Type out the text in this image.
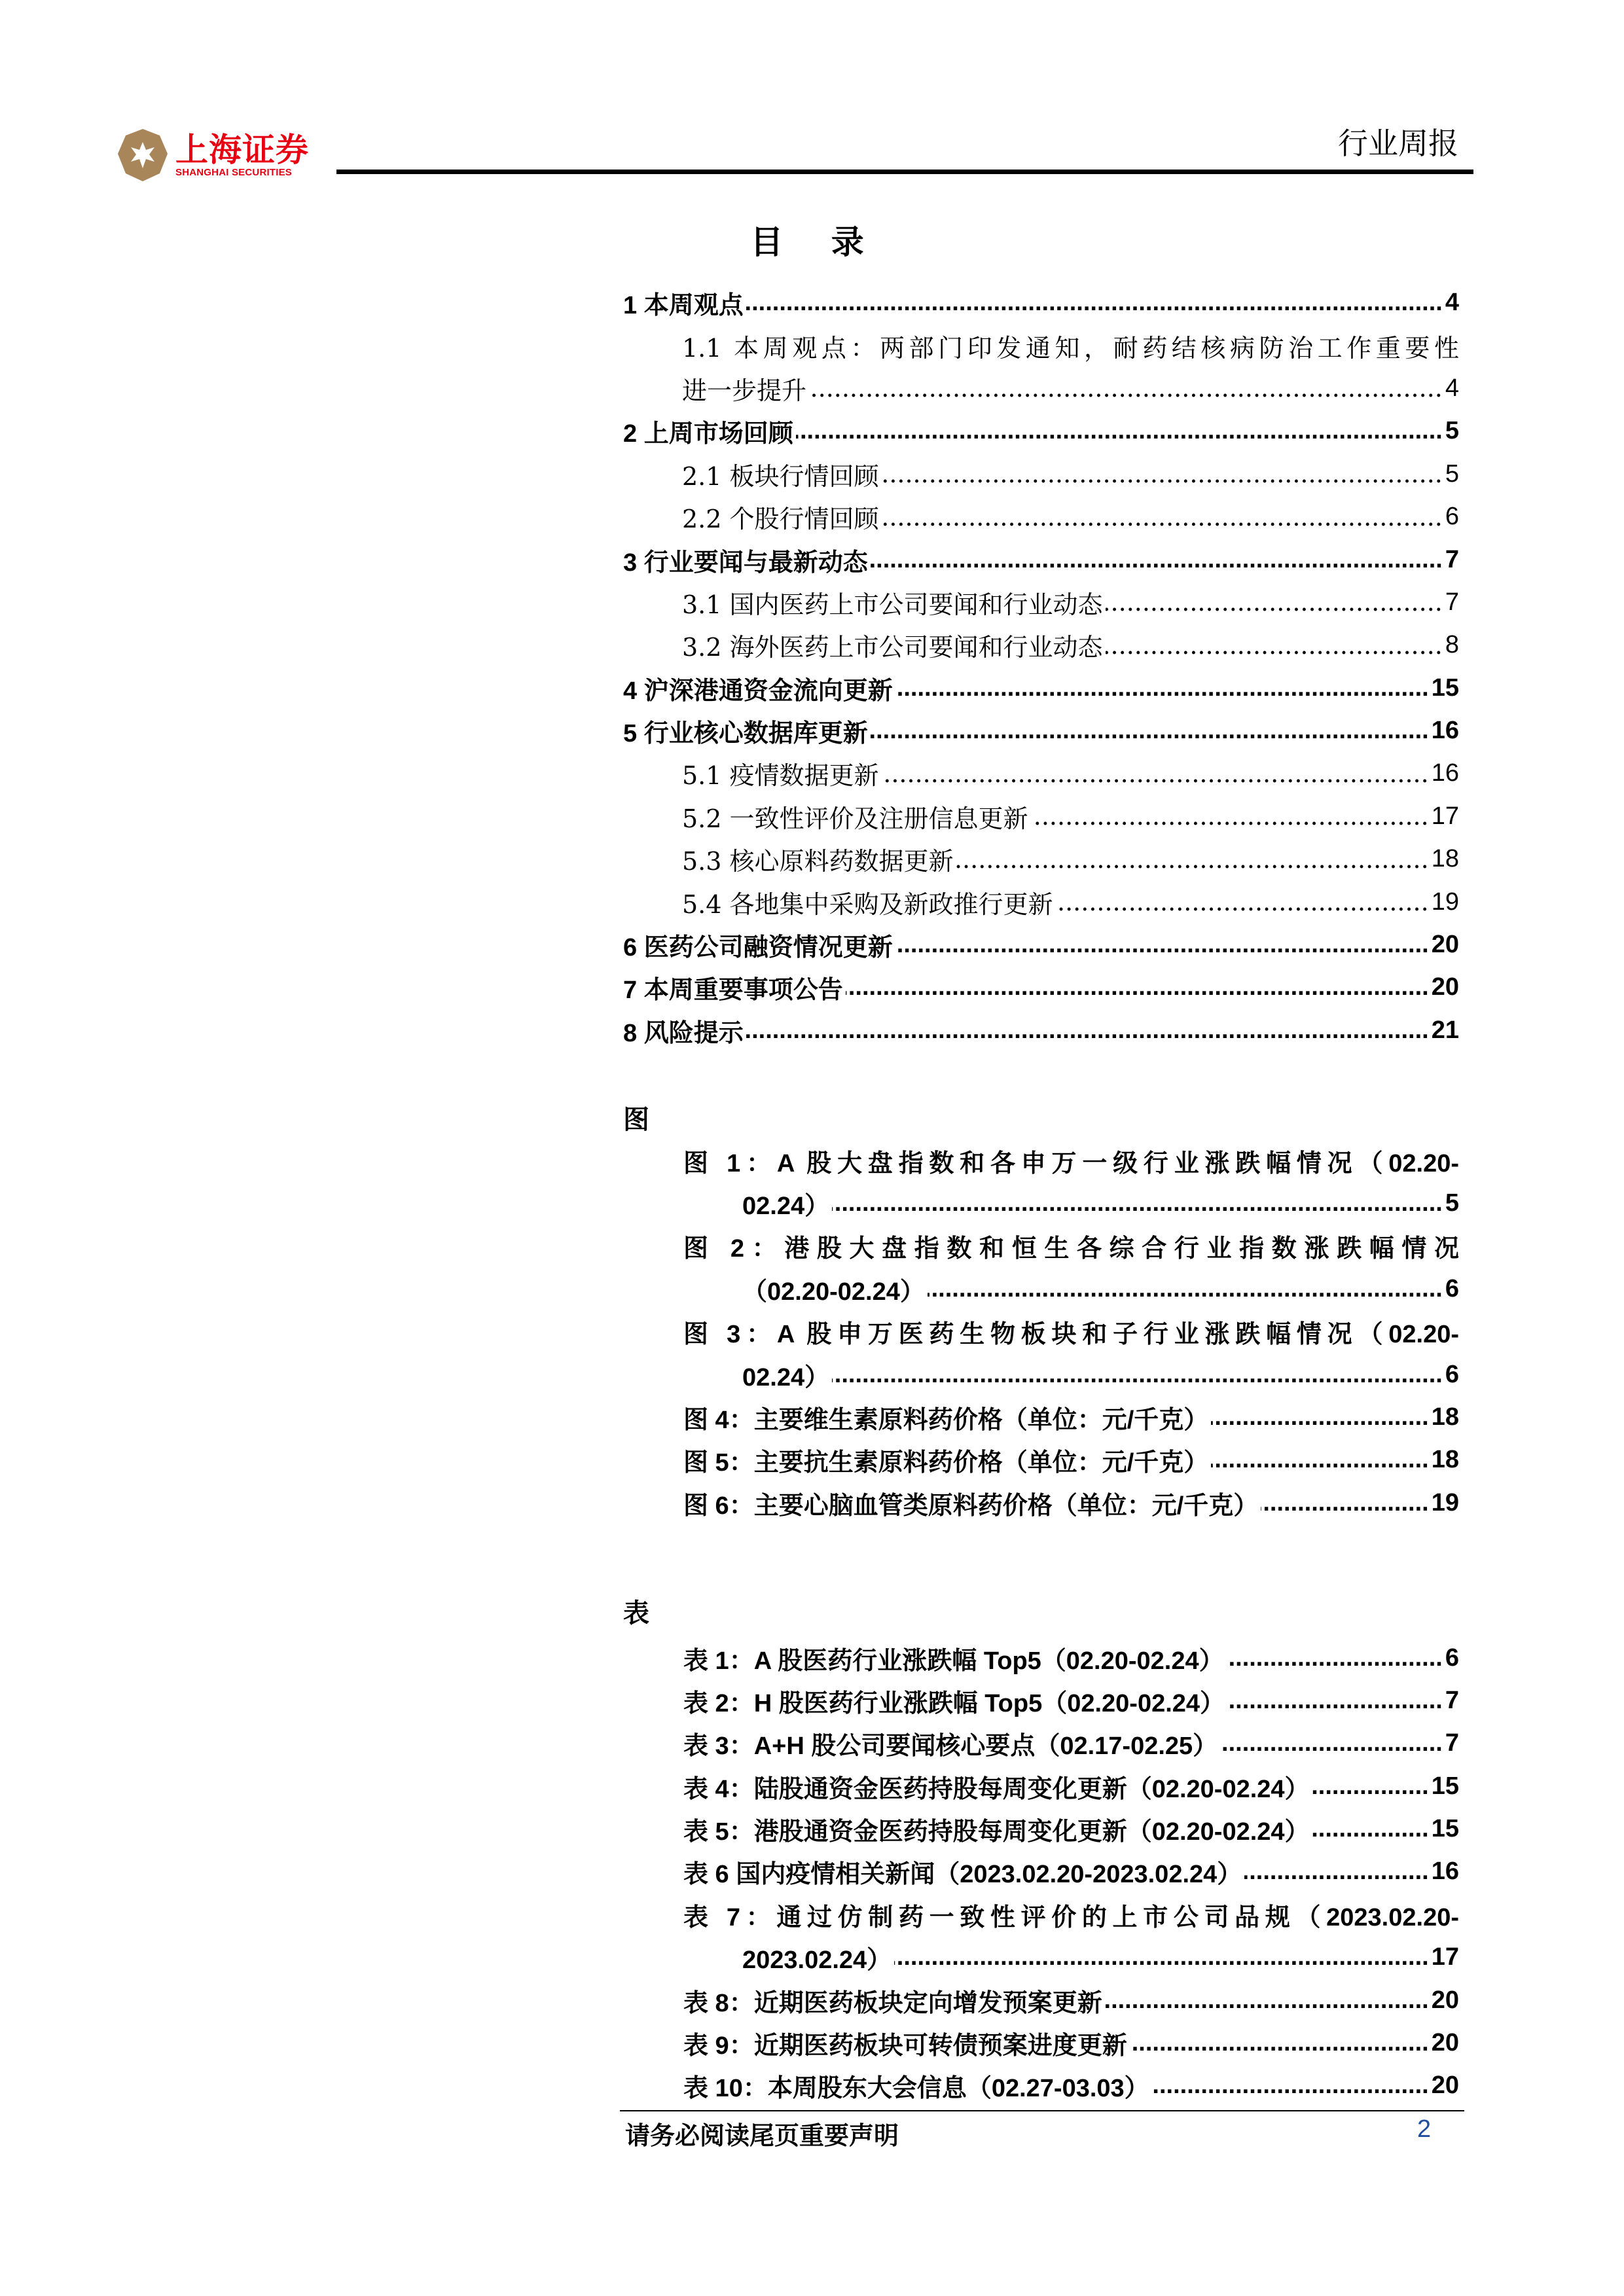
上海证券
SHANGHAI SECURITIES
行业周报
目 录
1 本周观点 .....	4
1.1 本周观点：两部门印发通知，耐药结核病防治工作重要性
进一步提升 .....	4
2 上周市场回顾 .....	5
2.1 板块行情回顾 .....	5
2.2 个股行情回顾 .....	6
3 行业要闻与最新动态 .....	7
3.1 国内医药上市公司要闻和行业动态 .....	7
3.2 海外医药上市公司要闻和行业动态 .....	8
4 沪深港通资金流向更新 .....	15
5 行业核心数据库更新 .....	16
5.1 疫情数据更新 .....	16
5.2 一致性评价及注册信息更新 .....	17
5.3 核心原料药数据更新 .....	18
5.4 各地集中采购及新政推行更新 .....	19
6 医药公司融资情况更新 .....	20
7 本周重要事项公告 .....	20
8 风险提示 .....	21
图
图 1：A 股大盘指数和各申万一级行业涨跌幅情况（02.20-
02.24） .....	5
图 2：港股大盘指数和恒生各综合行业指数涨跌幅情况
（02.20-02.24） .....	6
图 3：A 股申万医药生物板块和子行业涨跌幅情况（02.20-
02.24） .....	6
图 4：主要维生素原料药价格（单位：元/千克） .....	18
图 5：主要抗生素原料药价格（单位：元/千克） .....	18
图 6：主要心脑血管类原料药价格（单位：元/千克） .....	19
表
表 1：A 股医药行业涨跌幅 Top5（02.20-02.24） .....	6
表 2：H 股医药行业涨跌幅 Top5（02.20-02.24） .....	7
表 3：A+H 股公司要闻核心要点（02.17-02.25） .....	7
表 4：陆股通资金医药持股每周变化更新（02.20-02.24） .....	15
表 5：港股通资金医药持股每周变化更新（02.20-02.24） .....	15
表 6 国内疫情相关新闻（2023.02.20-2023.02.24） .....	16
表 7：通过仿制药一致性评价的上市公司品规（2023.02.20-
2023.02.24） .....	17
表 8：近期医药板块定向增发预案更新 .....	20
表 9：近期医药板块可转债预案进度更新 .....	20
表 10：本周股东大会信息（02.27-03.03） .....	20
请务必阅读尾页重要声明	2
